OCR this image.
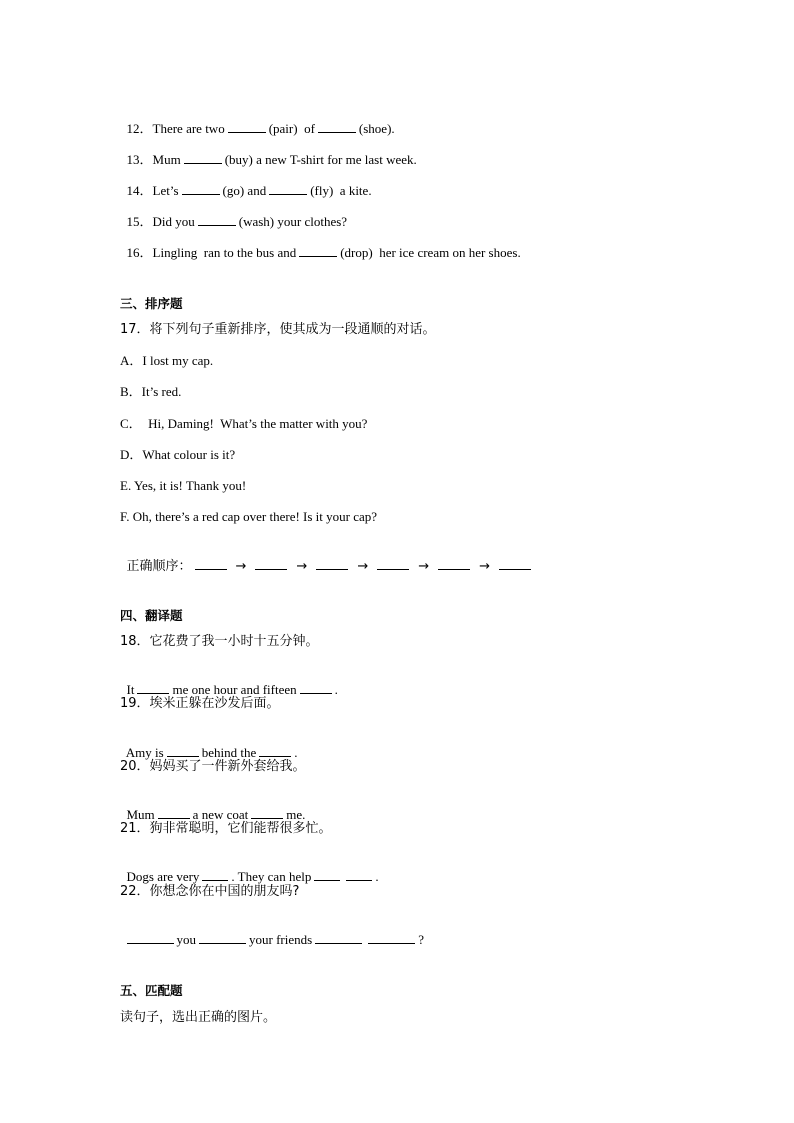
12．There are two	(pair)  of	(shoe).

13．Mum	(buy) a new T-shirt for me last week.

14．Let’s	(go) and	(fly)  a kite.

15．Did you	(wash) your clothes?

16．Lingling  ran to the bus and	(drop)  her ice cream on her shoes.

三、排序题
17．将下列句子重新排序，使其成为一段通顺的对话。
A．I lost my cap.
B．It’s red.
C．  Hi, Daming!  What’s the matter with you?
D．What colour is it?
E. Yes, it is! Thank you!
F. Oh, there’s a red cap over there! Is it your cap?

正确顺序：	→	→	→	→	→

四、翻译题
18．它花费了我一小时十五分钟。

It	me one hour and fifteen	.

19．埃米正躲在沙发后面。

Amy is	behind the	.

20．妈妈买了一件新外套给我。

Mum	a new coat	me.

21．狗非常聪明，它们能帮很多忙。

Dogs are very . They can help	.

22．你想念你在中国的朋友吗?

you	your friends	?

五、匹配题
读句子，选出正确的图片。
